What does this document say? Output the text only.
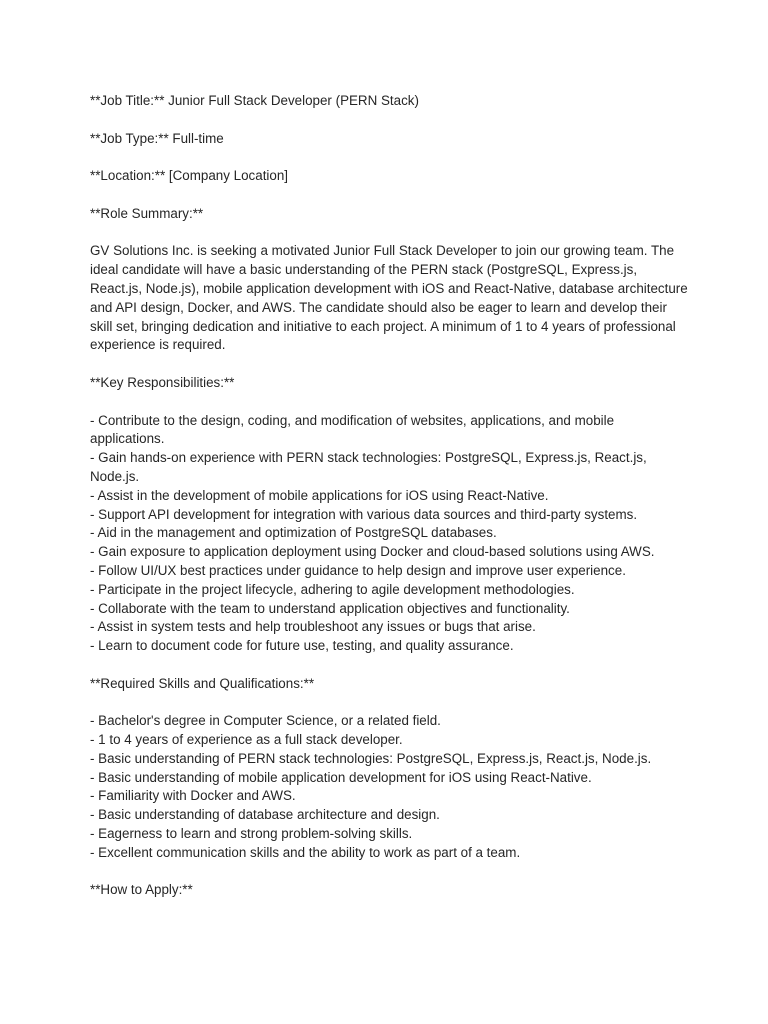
**Job Title:** Junior Full Stack Developer (PERN Stack)
**Job Type:** Full-time
**Location:** [Company Location]
**Role Summary:**
GV Solutions Inc. is seeking a motivated Junior Full Stack Developer to join our growing team. The ideal candidate will have a basic understanding of the PERN stack (PostgreSQL, Express.js, React.js, Node.js), mobile application development with iOS and React-Native, database architecture and API design, Docker, and AWS. The candidate should also be eager to learn and develop their skill set, bringing dedication and initiative to each project. A minimum of 1 to 4 years of professional experience is required.
**Key Responsibilities:**
- Contribute to the design, coding, and modification of websites, applications, and mobile applications.
- Gain hands-on experience with PERN stack technologies: PostgreSQL, Express.js, React.js, Node.js.
- Assist in the development of mobile applications for iOS using React-Native.
- Support API development for integration with various data sources and third-party systems.
- Aid in the management and optimization of PostgreSQL databases.
- Gain exposure to application deployment using Docker and cloud-based solutions using AWS.
- Follow UI/UX best practices under guidance to help design and improve user experience.
- Participate in the project lifecycle, adhering to agile development methodologies.
- Collaborate with the team to understand application objectives and functionality.
- Assist in system tests and help troubleshoot any issues or bugs that arise.
- Learn to document code for future use, testing, and quality assurance.
**Required Skills and Qualifications:**
- Bachelor's degree in Computer Science, or a related field.
- 1 to 4 years of experience as a full stack developer.
- Basic understanding of PERN stack technologies: PostgreSQL, Express.js, React.js, Node.js.
- Basic understanding of mobile application development for iOS using React-Native.
- Familiarity with Docker and AWS.
- Basic understanding of database architecture and design.
- Eagerness to learn and strong problem-solving skills.
- Excellent communication skills and the ability to work as part of a team.
**How to Apply:**
